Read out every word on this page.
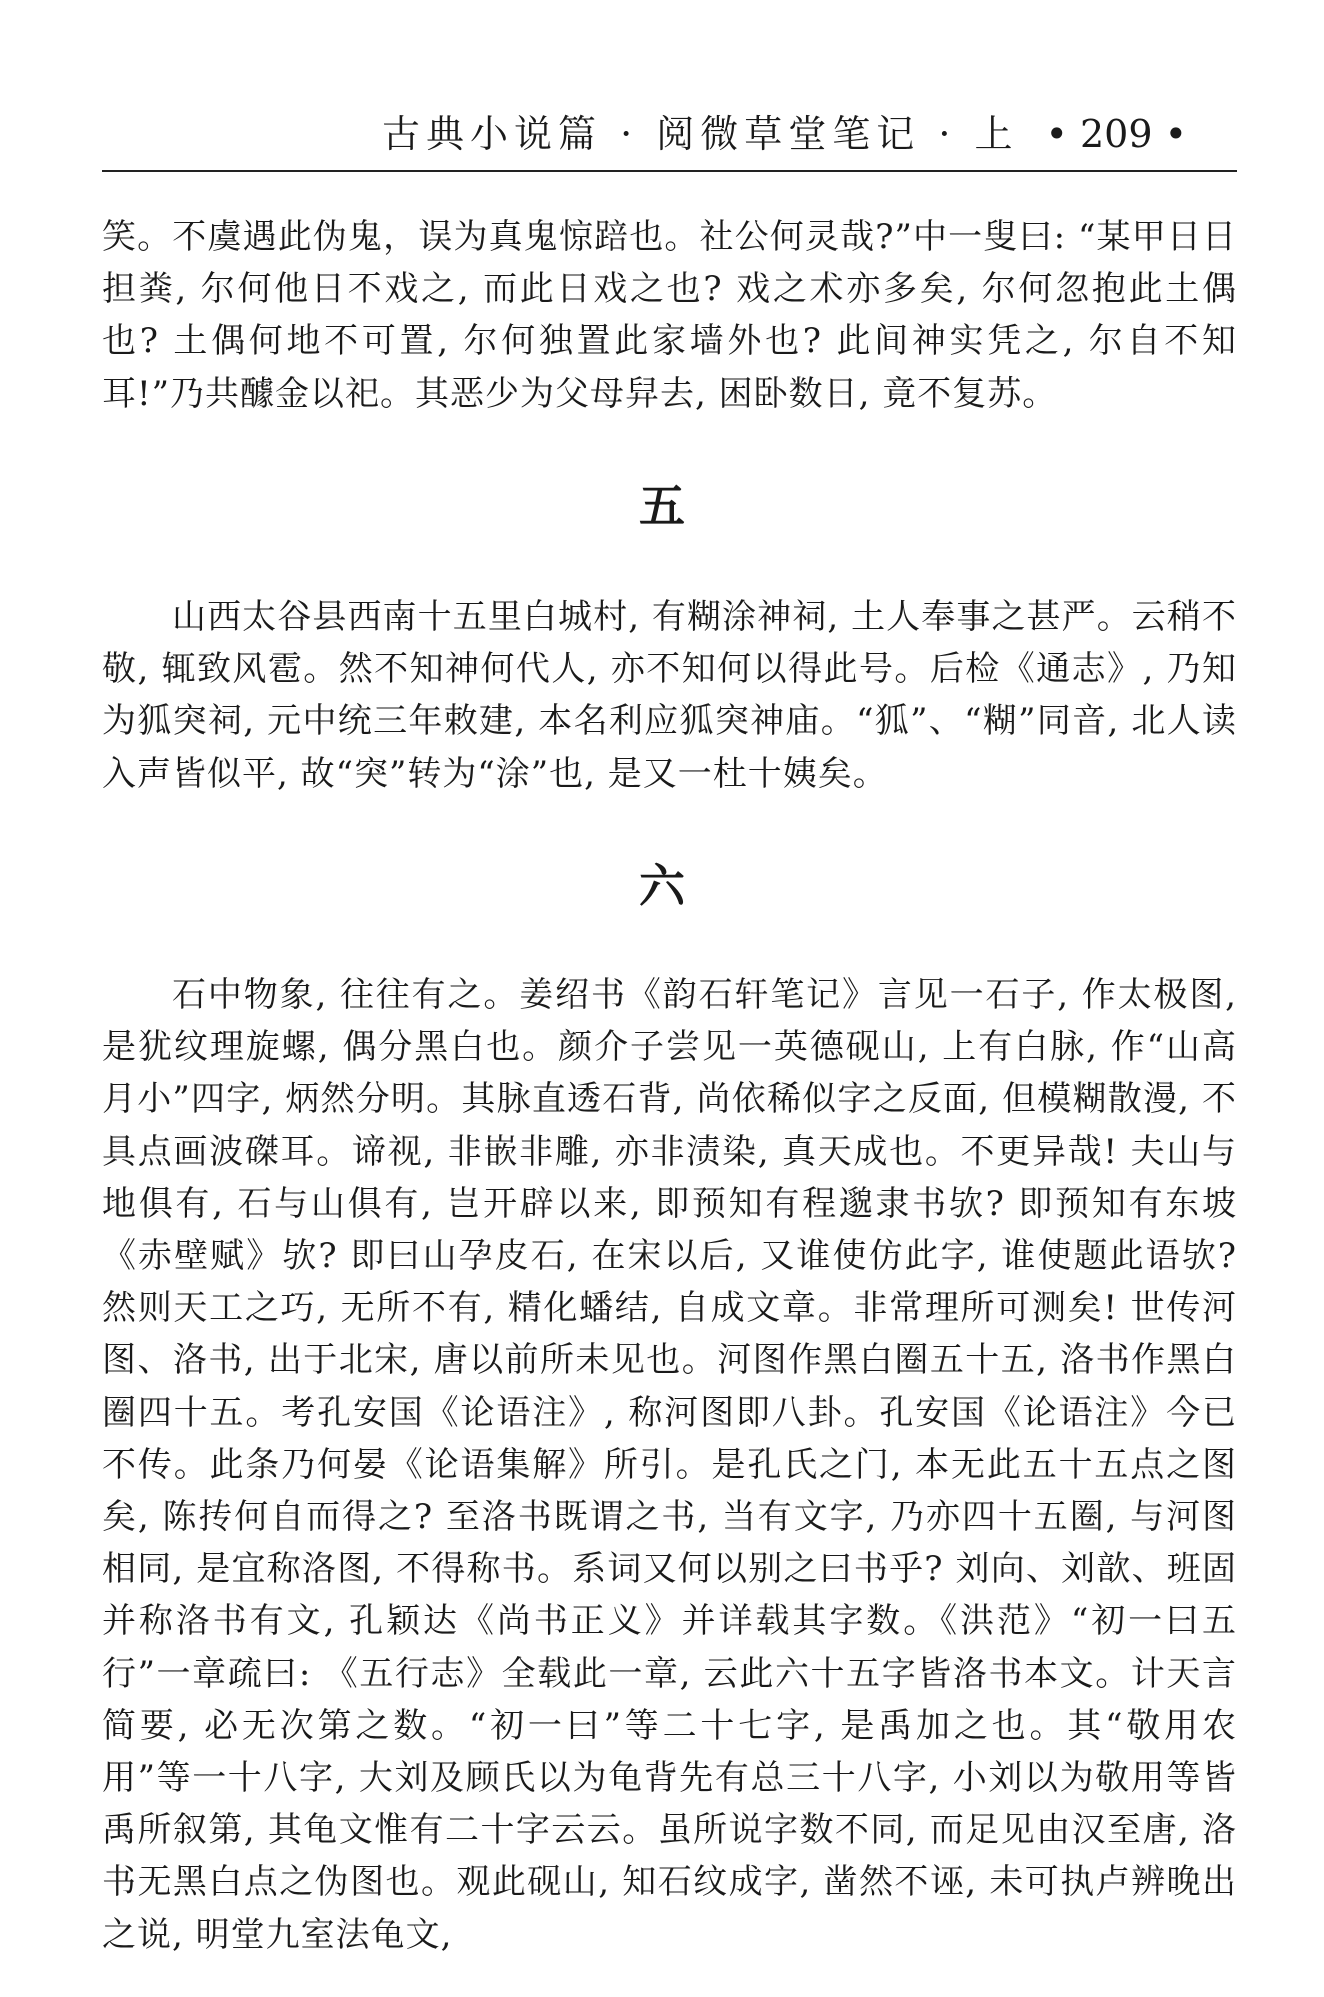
古典小说篇 · 阅微草堂笔记 · 上 • 209 •

笑。不虞遇此伪鬼，误为真鬼惊踣也。社公何灵哉?”中一叟曰: “某甲日日担粪, 尔何他日不戏之, 而此日戏之也? 戏之术亦多矣, 尔何忽抱此土偶也? 土偶何地不可置, 尔何独置此家墙外也? 此间神实凭之, 尔自不知耳!”乃共醵金以祀。其恶少为父母舁去, 困卧数日, 竟不复苏。

五

山西太谷县西南十五里白城村, 有糊涂神祠, 土人奉事之甚严。云稍不敬, 辄致风雹。然不知神何代人, 亦不知何以得此号。后检《通志》, 乃知为狐突祠, 元中统三年敕建, 本名利应狐突神庙。“狐”、“糊”同音, 北人读入声皆似平, 故“突”转为“涂”也, 是又一杜十姨矣。

六

石中物象, 往往有之。姜绍书《韵石轩笔记》言见一石子, 作太极图, 是犹纹理旋螺, 偶分黑白也。颜介子尝见一英德砚山, 上有白脉, 作“山高月小”四字, 炳然分明。其脉直透石背, 尚依稀似字之反面, 但模糊散漫, 不具点画波磔耳。谛视, 非嵌非雕, 亦非渍染, 真天成也。不更异哉! 夫山与地俱有, 石与山俱有, 岂开辟以来, 即预知有程邈隶书欤? 即预知有东坡《赤壁赋》欤? 即曰山孕皮石, 在宋以后, 又谁使仿此字, 谁使题此语欤? 然则天工之巧, 无所不有, 精化蟠结, 自成文章。非常理所可测矣! 世传河图、洛书, 出于北宋, 唐以前所未见也。河图作黑白圈五十五, 洛书作黑白圈四十五。考孔安国《论语注》, 称河图即八卦。孔安国《论语注》今已不传。此条乃何晏《论语集解》所引。是孔氏之门, 本无此五十五点之图矣, 陈抟何自而得之? 至洛书既谓之书, 当有文字, 乃亦四十五圈, 与河图相同, 是宜称洛图, 不得称书。系词又何以别之曰书乎? 刘向、刘歆、班固并称洛书有文, 孔颖达《尚书正义》并详载其字数。《洪范》“初一曰五行”一章疏曰: 《五行志》全载此一章, 云此六十五字皆洛书本文。计天言简要, 必无次第之数。“初一曰”等二十七字, 是禹加之也。其“敬用农用”等一十八字, 大刘及顾氏以为龟背先有总三十八字, 小刘以为敬用等皆禹所叙第, 其龟文惟有二十字云云。虽所说字数不同, 而足见由汉至唐, 洛书无黑白点之伪图也。观此砚山, 知石纹成字, 凿然不诬, 未可执卢辨晚出之说, 明堂九室法龟文,
